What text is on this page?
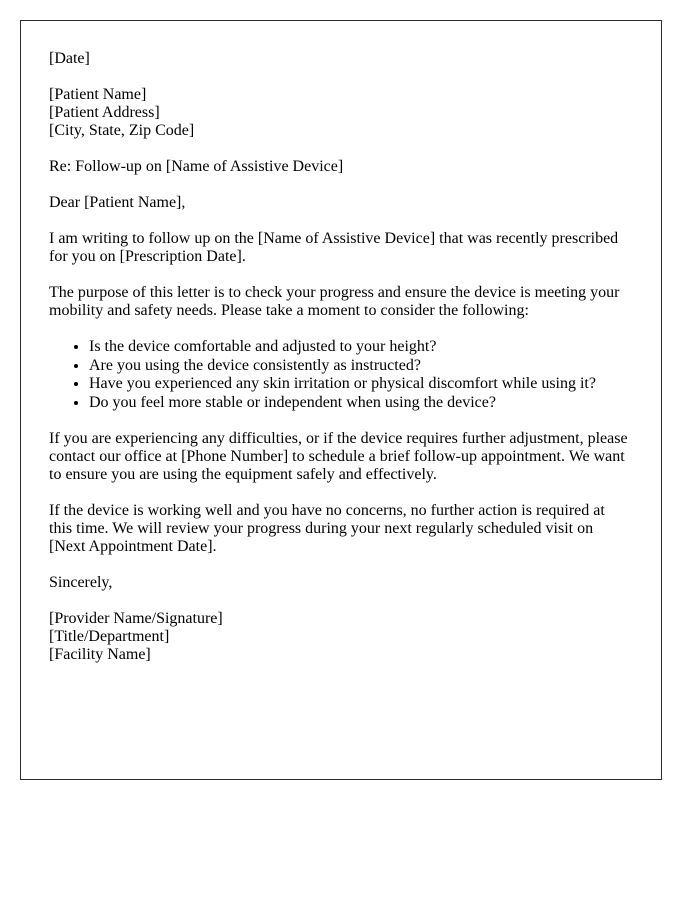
[Date]

[Patient Name]
[Patient Address]
[City, State, Zip Code]

Re: Follow-up on [Name of Assistive Device]

Dear [Patient Name],

I am writing to follow up on the [Name of Assistive Device] that was recently prescribed for you on [Prescription Date].

The purpose of this letter is to check your progress and ensure the device is meeting your mobility and safety needs. Please take a moment to consider the following:

• Is the device comfortable and adjusted to your height?
• Are you using the device consistently as instructed?
• Have you experienced any skin irritation or physical discomfort while using it?
• Do you feel more stable or independent when using the device?

If you are experiencing any difficulties, or if the device requires further adjustment, please contact our office at [Phone Number] to schedule a brief follow-up appointment. We want to ensure you are using the equipment safely and effectively.

If the device is working well and you have no concerns, no further action is required at this time. We will review your progress during your next regularly scheduled visit on [Next Appointment Date].

Sincerely,

[Provider Name/Signature]
[Title/Department]
[Facility Name]
